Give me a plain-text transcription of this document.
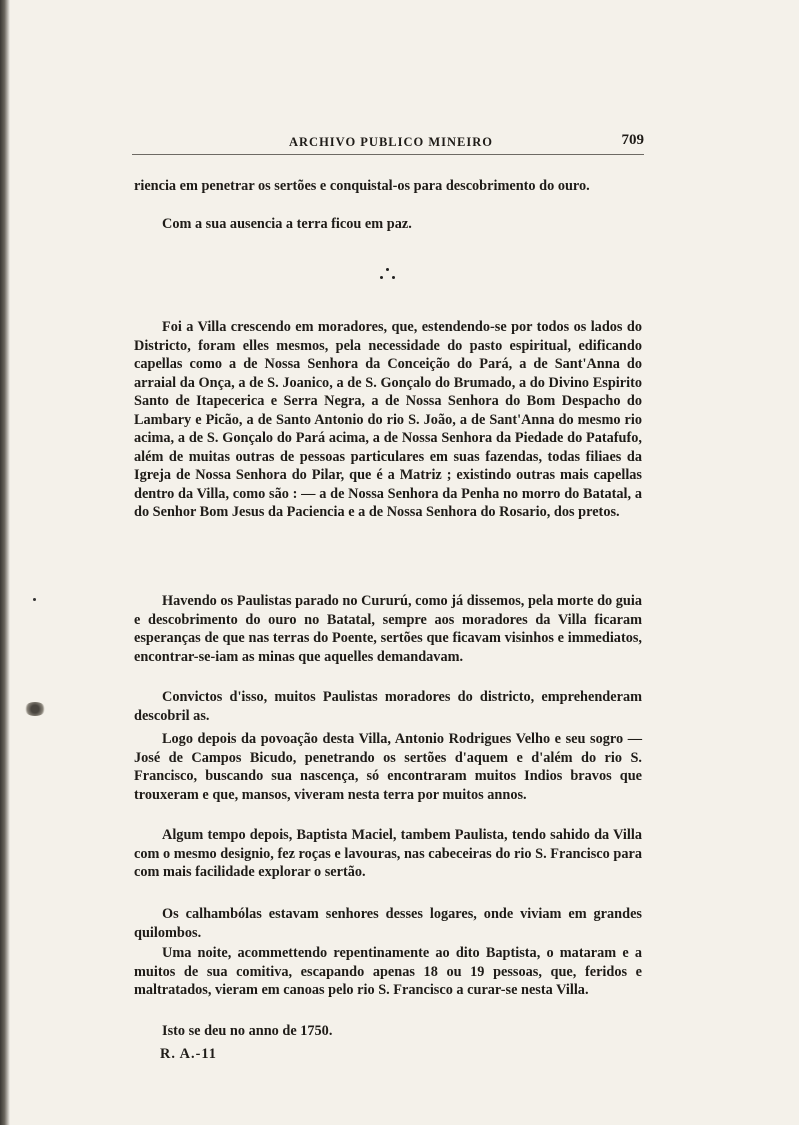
ARCHIVO PUBLICO MINEIRO	709

riencia em penetrar os sertões e conquistal-os para descobrimento do ouro.

Com a sua ausencia a terra ficou em paz.

Foi a Villa crescendo em moradores, que, estendendo-se por todos os lados do Districto, foram elles mesmos, pela necessidade do pasto espiritual, edificando capellas como a de Nossa Senhora da Conceição do Pará, a de Sant'Anna do arraial da Onça, a de S. Joanico, a de S. Gonçalo do Brumado, a do Divino Espirito Santo de Itapecerica e Serra Negra, a de Nossa Senhora do Bom Despacho do Lambary e Picão, a de Santo Antonio do rio S. João, a de Sant'Anna do mesmo rio acima, a de S. Gonçalo do Pará acima, a de Nossa Senhora da Piedade do Patafufo, além de muitas outras de pessoas particulares em suas fazendas, todas filiaes da Igreja de Nossa Senhora do Pilar, que é a Matriz ; existindo outras mais capellas dentro da Villa, como são : — a de Nossa Senhora da Penha no morro do Batatal, a do Senhor Bom Jesus da Paciencia e a de Nossa Senhora do Rosario, dos pretos.

Havendo os Paulistas parado no Cururú, como já dissemos, pela morte do guia e descobrimento do ouro no Batatal, sempre aos moradores da Villa ficaram esperanças de que nas terras do Poente, sertões que ficavam visinhos e immediatos, encontrar-se-iam as minas que aquelles demandavam.

Convictos d'isso, muitos Paulistas moradores do districto, emprehenderam descobril as.

Logo depois da povoação desta Villa, Antonio Rodrigues Velho e seu sogro — José de Campos Bicudo, penetrando os sertões d'aquem e d'além do rio S. Francisco, buscando sua nascença, só encontraram muitos Indios bravos que trouxeram e que, mansos, viveram nesta terra por muitos annos.

Algum tempo depois, Baptista Maciel, tambem Paulista, tendo sahido da Villa com o mesmo designio, fez roças e lavouras, nas cabeceiras do rio S. Francisco para com mais facilidade explorar o sertão.

Os calhambólas estavam senhores desses logares, onde viviam em grandes quilombos.

Uma noite, acommettendo repentinamente ao dito Baptista, o mataram e a muitos de sua comitiva, escapando apenas 18 ou 19 pessoas, que, feridos e maltratados, vieram em canoas pelo rio S. Francisco a curar-se nesta Villa.

Isto se deu no anno de 1750.

R. A.-11
